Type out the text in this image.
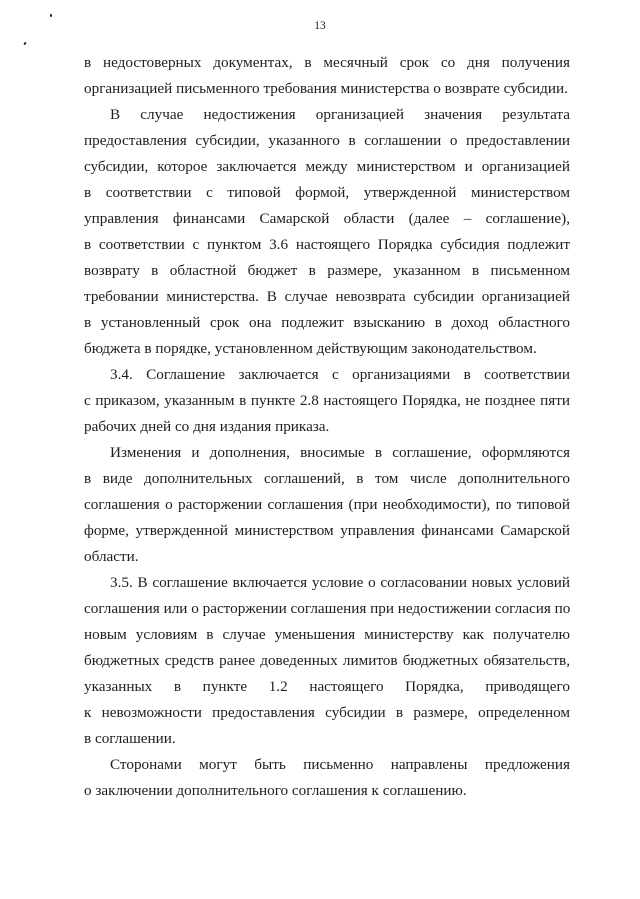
13
в недостоверных документах, в месячный срок со дня получения
организацией письменного требования министерства о возврате субсидии.
В случае недостижения организацией значения результата
предоставления субсидии, указанного в соглашении о предоставлении
субсидии, которое заключается между министерством и организацией
в соответствии с типовой формой, утвержденной министерством
управления финансами Самарской области (далее – соглашение),
в соответствии с пунктом 3.6 настоящего Порядка субсидия подлежит
возврату в областной бюджет в размере, указанном в письменном
требовании министерства. В случае невозврата субсидии организацией
в установленный срок она подлежит взысканию в доход областного
бюджета в порядке, установленном действующим законодательством.
3.4. Соглашение заключается с организациями в соответствии
с приказом, указанным в пункте 2.8 настоящего Порядка, не позднее пяти
рабочих дней со дня издания приказа.
Изменения и дополнения, вносимые в соглашение, оформляются
в виде дополнительных соглашений, в том числе дополнительного
соглашения о расторжении соглашения (при необходимости), по типовой
форме, утвержденной министерством управления финансами Самарской
области.
3.5. В соглашение включается условие о согласовании новых условий
соглашения или о расторжении соглашения при недостижении согласия по
новым условиям в случае уменьшения министерству как получателю
бюджетных средств ранее доведенных лимитов бюджетных обязательств,
указанных в пункте 1.2 настоящего Порядка, приводящего
к невозможности предоставления субсидии в размере, определенном
в соглашении.
Сторонами могут быть письменно направлены предложения
о заключении дополнительного соглашения к соглашению.
